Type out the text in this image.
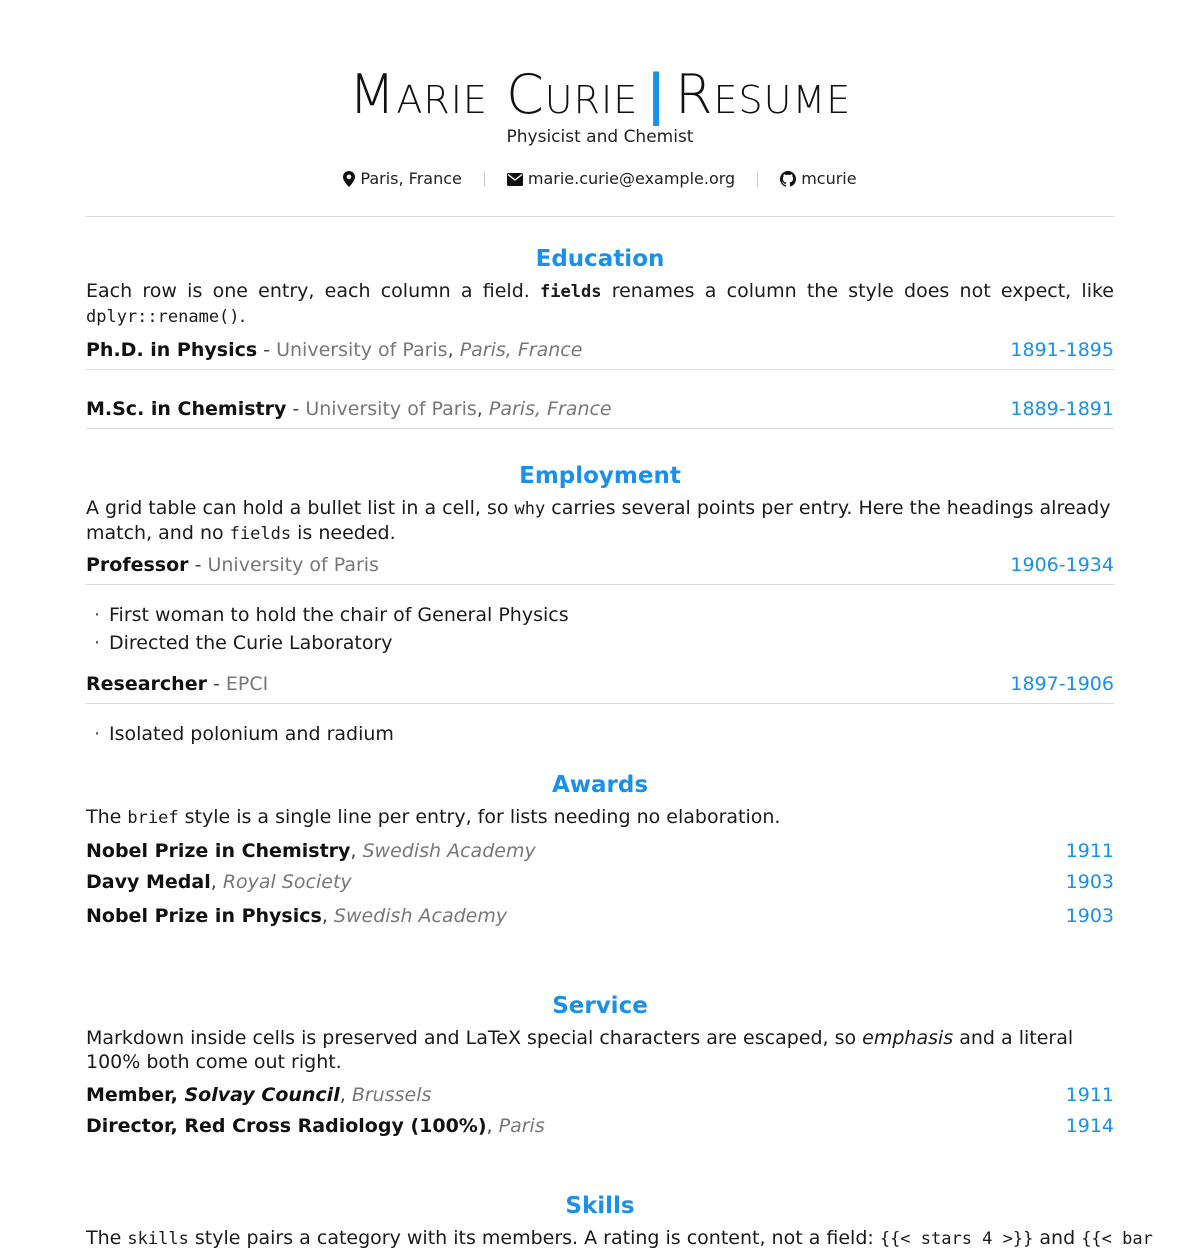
Marie Curie | Resume
Physicist and Chemist
Paris, France	marie.curie@example.org	mcurie
Education
Each row is one entry, each column a field. fields renames a column the style does not expect, like dplyr::rename().
Ph.D. in Physics - University of Paris, Paris, France	1891-1895
M.Sc. in Chemistry - University of Paris, Paris, France	1889-1891
Employment
A grid table can hold a bullet list in a cell, so why carries several points per entry. Here the headings already match, and no fields is needed.
Professor - University of Paris	1906-1934
· First woman to hold the chair of General Physics
· Directed the Curie Laboratory
Researcher - EPCI	1897-1906
· Isolated polonium and radium
Awards
The brief style is a single line per entry, for lists needing no elaboration.
Nobel Prize in Chemistry, Swedish Academy	1911
Davy Medal, Royal Society	1903
Nobel Prize in Physics, Swedish Academy	1903
Service
Markdown inside cells is preserved and LaTeX special characters are escaped, so emphasis and a literal 100% both come out right.
Member, Solvay Council, Brussels	1911
Director, Red Cross Radiology (100%), Paris	1914
Skills
The skills style pairs a category with its members. A rating is content, not a field: {{< stars 4 >}} and {{< bar
